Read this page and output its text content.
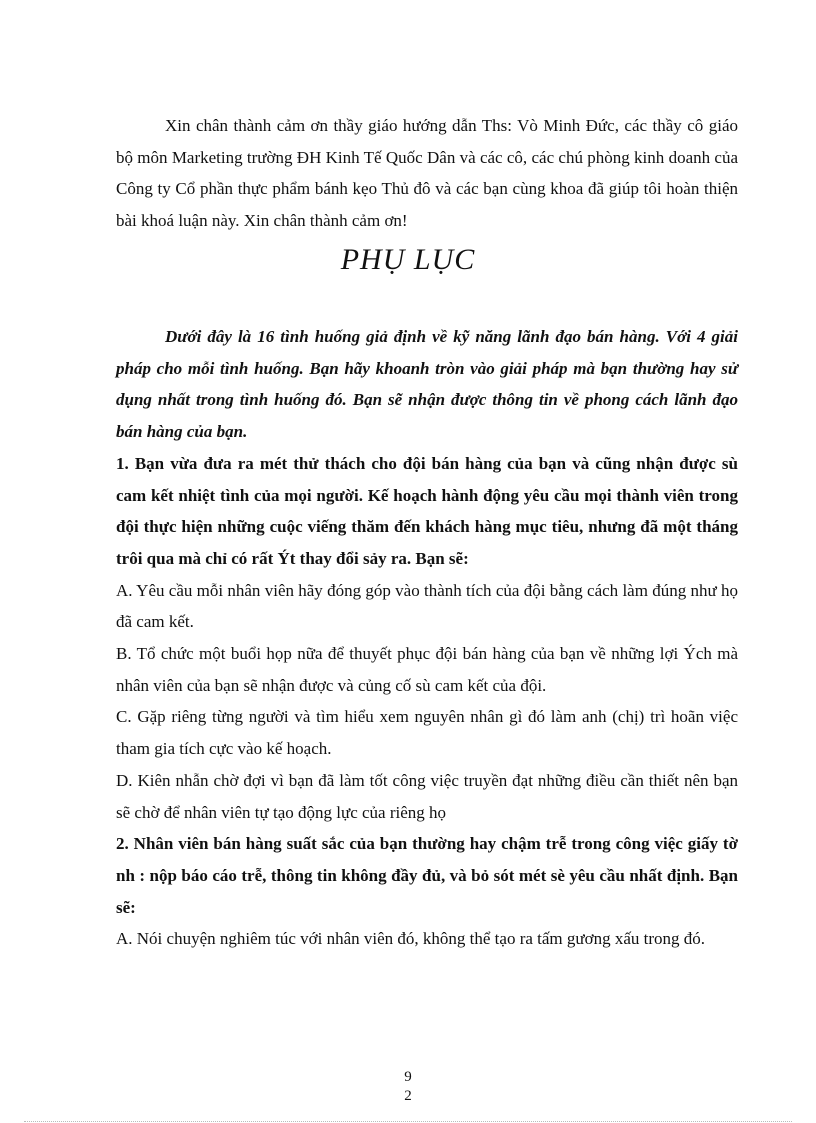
Xin chân thành cảm ơn thầy giáo hướng dẫn Ths: Vò Minh Đức, các thầy cô giáo bộ môn Marketing trường ĐH Kinh Tế Quốc Dân và các cô, các chú phòng kinh doanh của Công ty Cổ phần thực phẩm bánh kẹo Thủ đô và các bạn cùng khoa đã giúp tôi hoàn thiện bài khoá luận này. Xin chân thành cảm ơn!

PHỤ LỤC

Dưới đây là 16 tình huống giả định về kỹ năng lãnh đạo bán hàng. Với 4 giải pháp cho mỗi tình huống. Bạn hãy khoanh tròn vào giải pháp mà bạn thường hay sử dụng nhất trong tình huống đó. Bạn sẽ nhận được thông tin về phong cách lãnh đạo bán hàng của bạn.

1. Bạn vừa đưa ra mét thử thách cho đội bán hàng của bạn và cũng nhận được sù cam kết nhiệt tình của mọi người. Kế hoạch hành động yêu cầu mọi thành viên trong đội thực hiện những cuộc viếng thăm đến khách hàng mục tiêu, nhưng đã một tháng trôi qua mà chỉ có rất Ýt thay đổi sảy ra. Bạn sẽ:

A. Yêu cầu mỗi nhân viên hãy đóng góp vào thành tích của đội bằng cách làm đúng như họ đã cam kết.

B. Tổ chức một buổi họp nữa để thuyết phục đội bán hàng của bạn về những lợi Ých mà nhân viên của bạn sẽ nhận được và củng cố sù cam kết của đội.

C. Gặp riêng từng người và tìm hiểu xem nguyên nhân gì đó làm anh (chị) trì hoãn việc tham gia tích cực vào kế hoạch.

D. Kiên nhẫn chờ đợi vì bạn đã làm tốt công việc truyền đạt những điều cần thiết nên bạn sẽ chờ để nhân viên tự tạo động lực của riêng họ

2. Nhân viên bán hàng suất sắc của bạn thường hay chậm trễ trong công việc giấy tờ nh : nộp báo cáo trễ, thông tin không đầy đủ, và bỏ sót mét sè yêu cầu nhất định. Bạn sẽ:

A. Nói chuyện nghiêm túc với nhân viên đó, không thể tạo ra tấm gương xấu trong đó.

9
2
